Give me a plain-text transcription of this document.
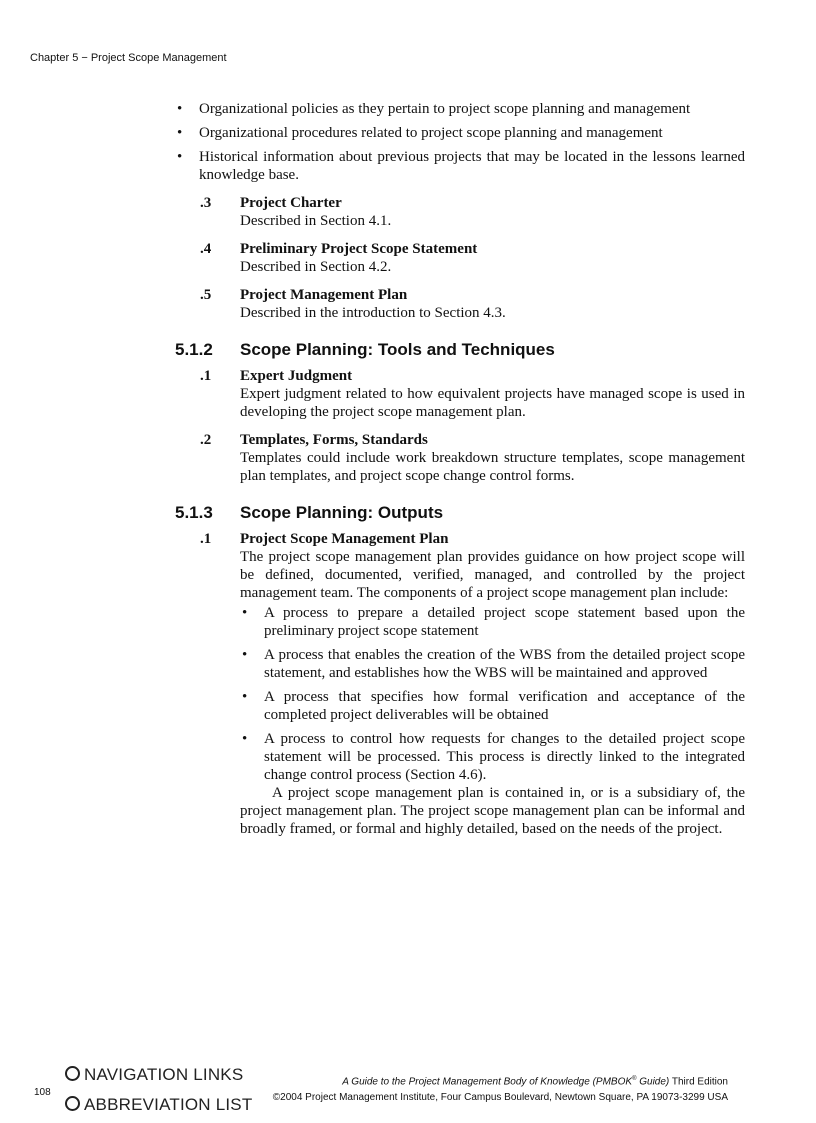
Chapter 5 − Project Scope Management
• Organizational policies as they pertain to project scope planning and management
• Organizational procedures related to project scope planning and management
• Historical information about previous projects that may be located in the lessons learned knowledge base.
.3	Project Charter
Described in Section 4.1.
.4	Preliminary Project Scope Statement
Described in Section 4.2.
.5	Project Management Plan
Described in the introduction to Section 4.3.
5.1.2	Scope Planning: Tools and Techniques
.1	Expert Judgment
Expert judgment related to how equivalent projects have managed scope is used in developing the project scope management plan.
.2	Templates, Forms, Standards
Templates could include work breakdown structure templates, scope management plan templates, and project scope change control forms.
5.1.3	Scope Planning: Outputs
.1	Project Scope Management Plan
The project scope management plan provides guidance on how project scope will be defined, documented, verified, managed, and controlled by the project management team. The components of a project scope management plan include:
• A process to prepare a detailed project scope statement based upon the preliminary project scope statement
• A process that enables the creation of the WBS from the detailed project scope statement, and establishes how the WBS will be maintained and approved
• A process that specifies how formal verification and acceptance of the completed project deliverables will be obtained
• A process to control how requests for changes to the detailed project scope statement will be processed. This process is directly linked to the integrated change control process (Section 4.6).
A project scope management plan is contained in, or is a subsidiary of, the project management plan. The project scope management plan can be informal and broadly framed, or formal and highly detailed, based on the needs of the project.
NAVIGATION LINKS
108
ABBREVIATION LIST
A Guide to the Project Management Body of Knowledge (PMBOK® Guide) Third Edition
©2004 Project Management Institute, Four Campus Boulevard, Newtown Square, PA 19073-3299 USA
